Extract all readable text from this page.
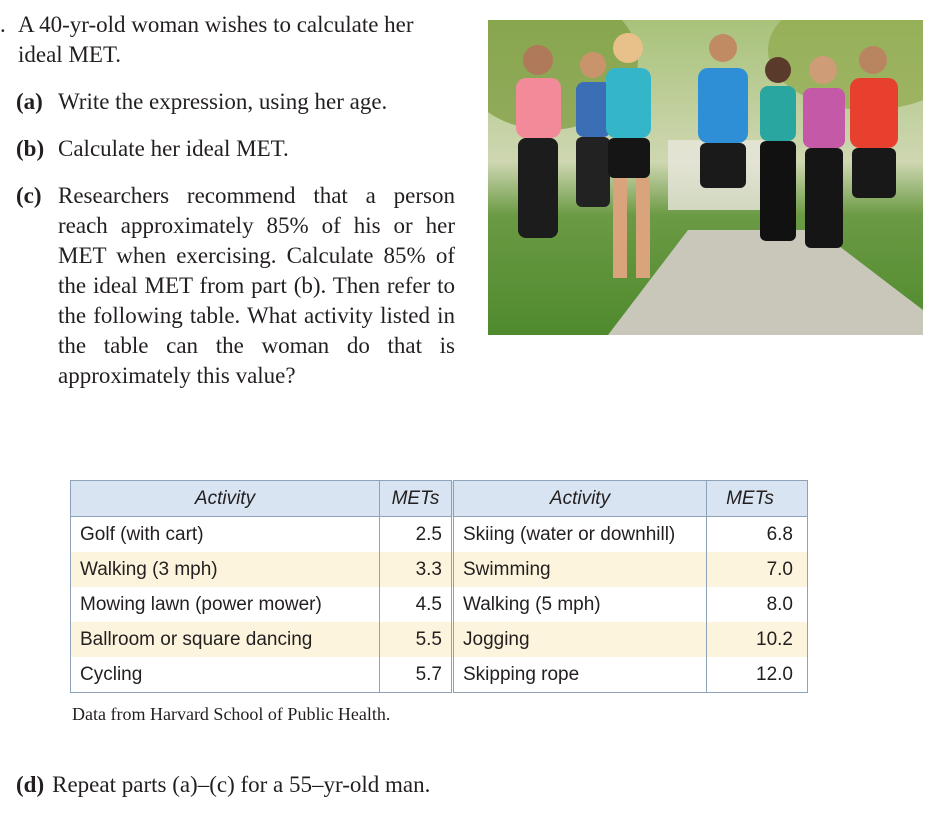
. A 40-yr-old woman wishes to calculate her ideal MET.

(a) Write the expression, using her age.
(b) Calculate her ideal MET.
(c) Researchers recommend that a person reach approximately 85% of his or her MET when exercising. Calculate 85% of the ideal MET from part (b). Then refer to the following table. What activity listed in the table can the woman do that is approximately this value?
Activity	METs	Activity	METs
Golf (with cart)	2.5	Skiing (water or downhill)	6.8
Walking (3 mph)	3.3	Swimming	7.0
Mowing lawn (power mower)	4.5	Walking (5 mph)	8.0
Ballroom or square dancing	5.5	Jogging	10.2
Cycling	5.7	Skipping rope	12.0
Data from Harvard School of Public Health.
(d) Repeat parts (a)–(c) for a 55–yr-old man.
